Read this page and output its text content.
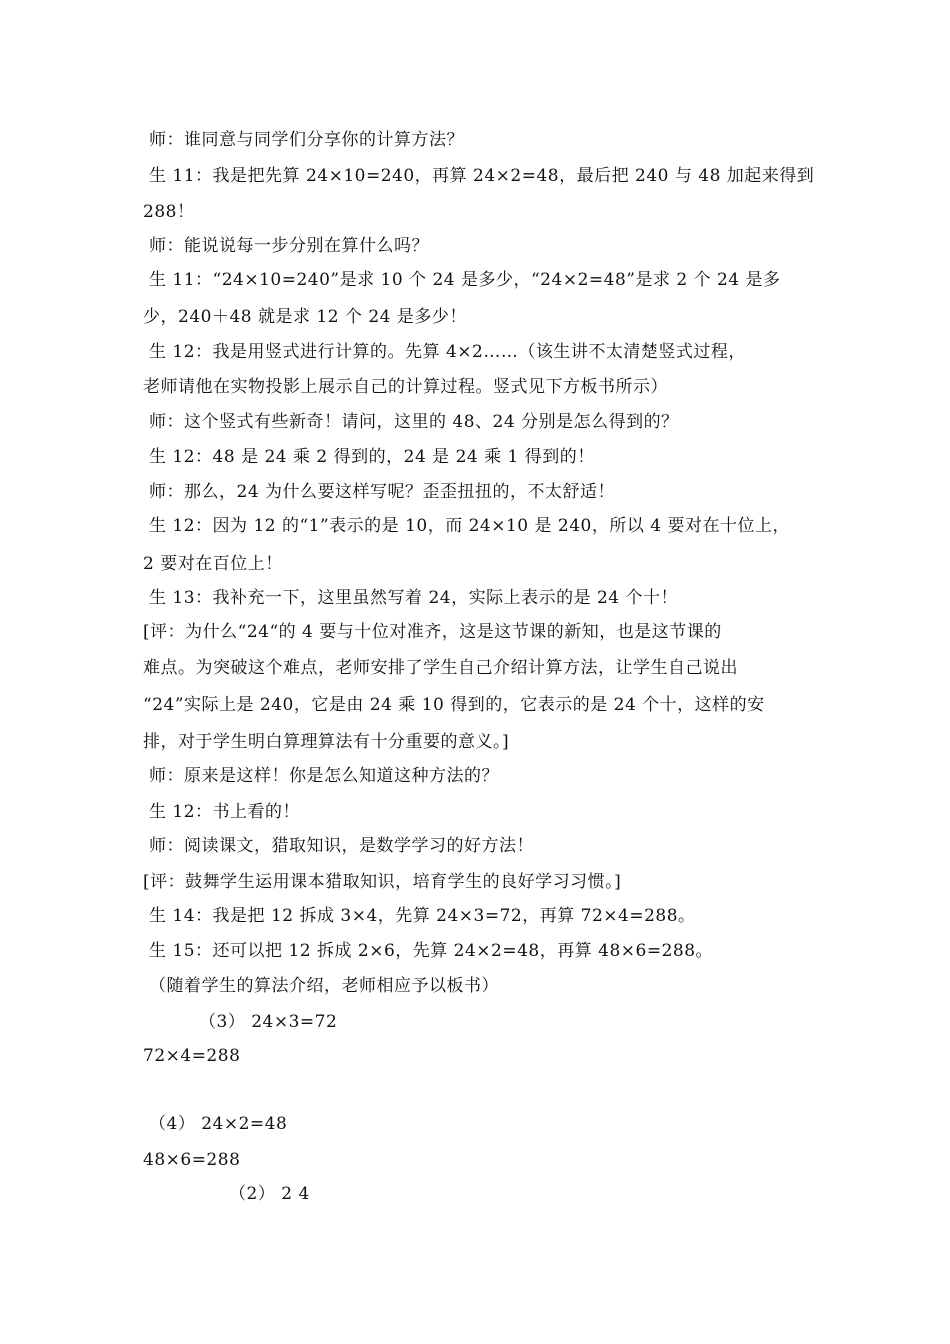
师：谁同意与同学们分享你的计算方法？
生 11：我是把先算 24×10=240，再算 24×2=48，最后把 240 与 48 加起来得到
288！
师：能说说每一步分别在算什么吗？
生 11：“24×10=240”是求 10 个 24 是多少，“24×2=48”是求 2 个 24 是多
少，240＋48 就是求 12 个 24 是多少！
生 12：我是用竖式进行计算的。先算 4×2……（该生讲不太清楚竖式过程，
老师请他在实物投影上展示自己的计算过程。竖式见下方板书所示）
师：这个竖式有些新奇！请问，这里的 48、24 分别是怎么得到的？
生 12：48 是 24 乘 2 得到的，24 是 24 乘 1 得到的！
师：那么，24 为什么要这样写呢？歪歪扭扭的，不太舒适！
生 12：因为 12 的“1”表示的是 10，而 24×10 是 240，所以 4 要对在十位上，
2 要对在百位上！
生 13：我补充一下，这里虽然写着 24，实际上表示的是 24 个十！
[评：为什么“24“的 4 要与十位对准齐，这是这节课的新知，也是这节课的
难点。为突破这个难点，老师安排了学生自己介绍计算方法，让学生自己说出
“24”实际上是 240，它是由 24 乘 10 得到的，它表示的是 24 个十，这样的安
排，对于学生明白算理算法有十分重要的意义。]
师：原来是这样！你是怎么知道这种方法的？
生 12：书上看的！
师：阅读课文，猎取知识，是数学学习的好方法！
[评：鼓舞学生运用课本猎取知识，培育学生的良好学习习惯。]
生 14：我是把 12 拆成 3×4，先算 24×3=72，再算 72×4=288。
生 15：还可以把 12 拆成 2×6，先算 24×2=48，再算 48×6=288。
（随着学生的算法介绍，老师相应予以板书）
（3） 24×3=72
72×4=288
（4） 24×2=48
48×6=288
（2） 2 4
